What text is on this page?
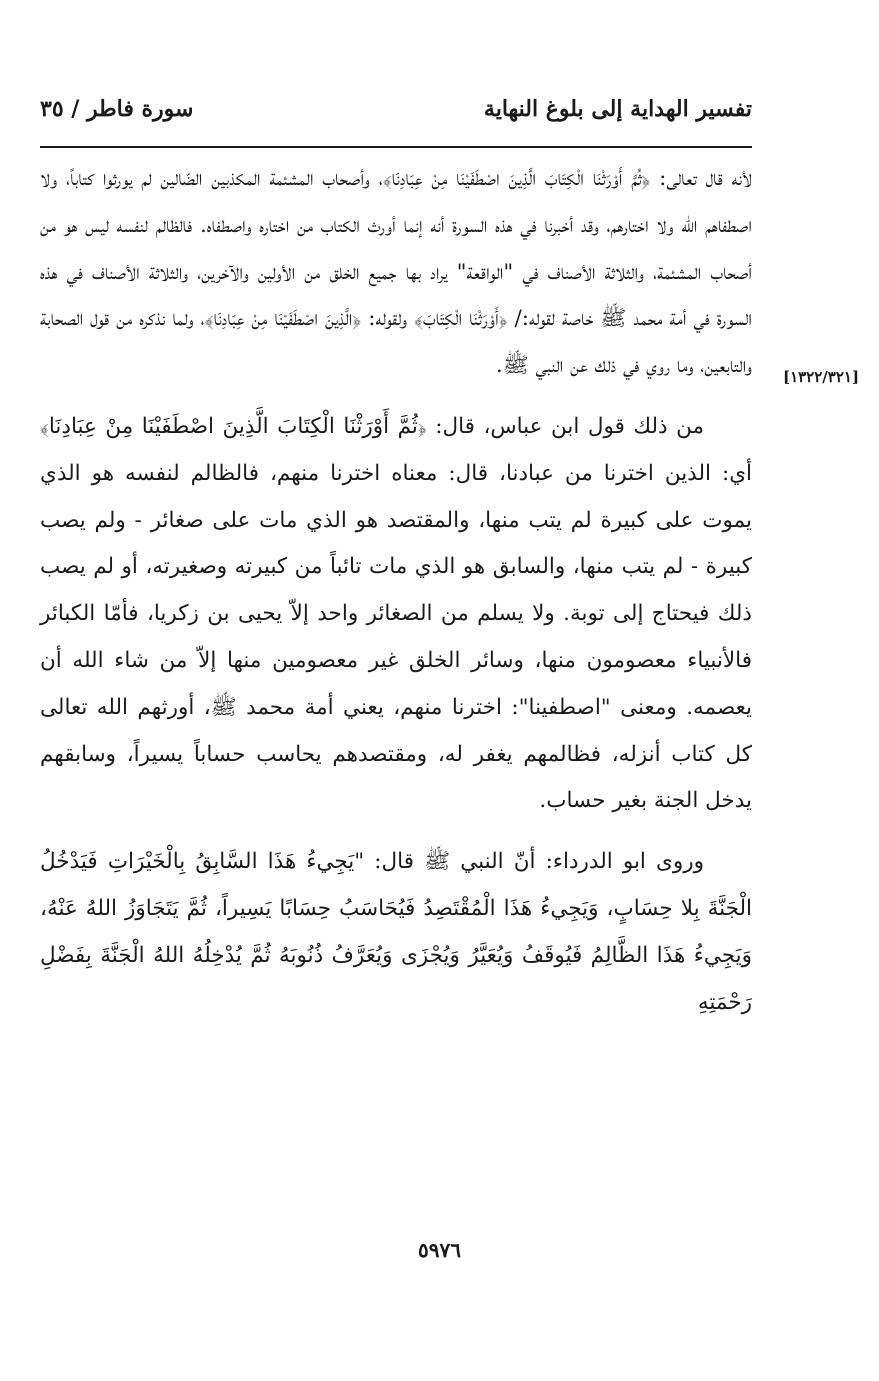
تفسير الهداية إلى بلوغ النهاية
سورة فاطر / ٣٥
[١٣٢٢/٣٢١]

لأنه قال تعالى: ﴿ثُمَّ أَوْرَثْنَا الْكِتَابَ الَّذِينَ اصْطَفَيْنَا مِنْ عِبَادِنَا﴾، وأصحاب المشئمة المكذبين الضّالين لم يورثوا كتاباً، ولا اصطفاهم الله ولا اختارهم، وقد أخبرنا في هذه السورة أنه إنما أورث الكتاب من اختاره واصطفاه. فالظالم لنفسه ليس هو من أصحاب المشئمة، والثلاثة الأصناف في "الواقعة" يراد بها جميع الخلق من الأولين والآخرين، والثلاثة الأصناف في هذه السورة في أمة محمد ﷺ خاصة لقوله:/ ﴿أَوْرَثْنَا الْكِتَابَ﴾ ولقوله: ﴿الَّذِينَ اصْطَفَيْنَا مِنْ عِبَادِنَا﴾، ولما نذكره من قول الصحابة والتابعين، وما روي في ذلك عن النبي ﷺ.

من ذلك قول ابن عباس، قال: ﴿ثُمَّ أَوْرَثْنَا الْكِتَابَ الَّذِينَ اصْطَفَيْنَا مِنْ عِبَادِنَا﴾ أي: الذين اخترنا من عبادنا، قال: معناه اخترنا منهم، فالظالم لنفسه هو الذي يموت على كبيرة لم يتب منها، والمقتصد هو الذي مات على صغائر - ولم يصب كبيرة - لم يتب منها، والسابق هو الذي مات تائباً من كبيرته وصغيرته، أو لم يصب ذلك فيحتاج إلى توبة. ولا يسلم من الصغائر واحد إلاّ يحيى بن زكريا، فأمّا الكبائر فالأنبياء معصومون منها، وسائر الخلق غير معصومين منها إلاّ من شاء الله أن يعصمه. ومعنى "اصطفينا": اخترنا منهم، يعني أمة محمد ﷺ، أورثهم الله تعالى كل كتاب أنزله، فظالمهم يغفر له، ومقتصدهم يحاسب حساباً يسيراً، وسابقهم يدخل الجنة بغير حساب.

وروى ابو الدرداء: أنّ النبي ﷺ قال: "يَجِيءُ هَذَا السَّابِقُ بِالْخَيْرَاتِ فَيَدْخُلُ الْجَنَّةَ بِلا حِسَابٍ، وَيَجِيءُ هَذَا الْمُقْتَصِدُ فَيُحَاسَبُ حِسَابًا يَسِيراً، ثُمَّ يَتَجَاوَزُ اللهُ عَنْهُ، وَيَجِيءُ هَذَا الظَّالِمُ فَيُوقَفُ وَيُعَيَّرُ وَيُجْزَى وَيُعَرَّفُ ذُنُوبَهُ ثُمَّ يُدْخِلُهُ اللهُ الْجَنَّةَ بِفَضْلِ رَحْمَتِهِ

٥٩٧٦
